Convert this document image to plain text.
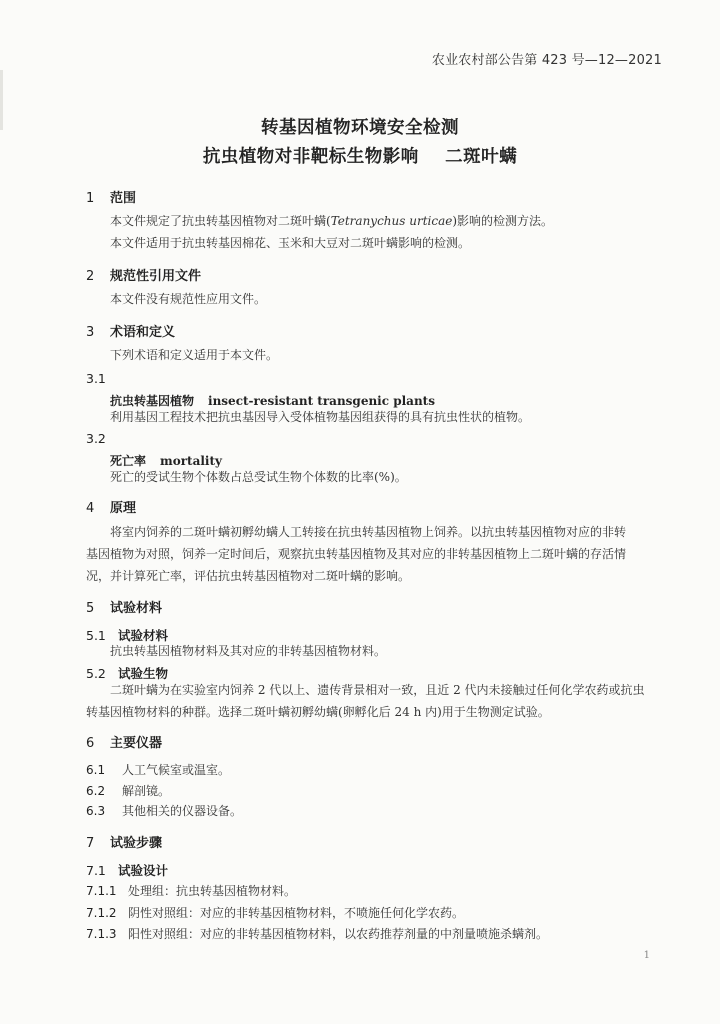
农业农村部公告第 423 号—12—2021
转基因植物环境安全检测
抗虫植物对非靶标生物影响    二斑叶螨
1 范围
本文件规定了抗虫转基因植物对二斑叶螨(Tetranychus urticae)影响的检测方法。
本文件适用于抗虫转基因棉花、玉米和大豆对二斑叶螨影响的检测。
2 规范性引用文件
本文件没有规范性应用文件。
3 术语和定义
下列术语和定义适用于本文件。
3.1
抗虫转基因植物 insect-resistant transgenic plants
利用基因工程技术把抗虫基因导入受体植物基因组获得的具有抗虫性状的植物。
3.2
死亡率 mortality
死亡的受试生物个体数占总受试生物个体数的比率(%)。
4 原理
将室内饲养的二斑叶螨初孵幼螨人工转接在抗虫转基因植物上饲养。以抗虫转基因植物对应的非转
基因植物为对照，饲养一定时间后，观察抗虫转基因植物及其对应的非转基因植物上二斑叶螨的存活情
况，并计算死亡率，评估抗虫转基因植物对二斑叶螨的影响。
5 试验材料
5.1 试验材料
抗虫转基因植物材料及其对应的非转基因植物材料。
5.2 试验生物
二斑叶螨为在实验室内饲养 2 代以上、遗传背景相对一致，且近 2 代内未接触过任何化学农药或抗虫
转基因植物材料的种群。选择二斑叶螨初孵幼螨(卵孵化后 24 h 内)用于生物测定试验。
6 主要仪器
6.1 人工气候室或温室。
6.2 解剖镜。
6.3 其他相关的仪器设备。
7 试验步骤
7.1 试验设计
7.1.1 处理组：抗虫转基因植物材料。
7.1.2 阴性对照组：对应的非转基因植物材料，不喷施任何化学农药。
7.1.3 阳性对照组：对应的非转基因植物材料，以农药推荐剂量的中剂量喷施杀螨剂。
1
